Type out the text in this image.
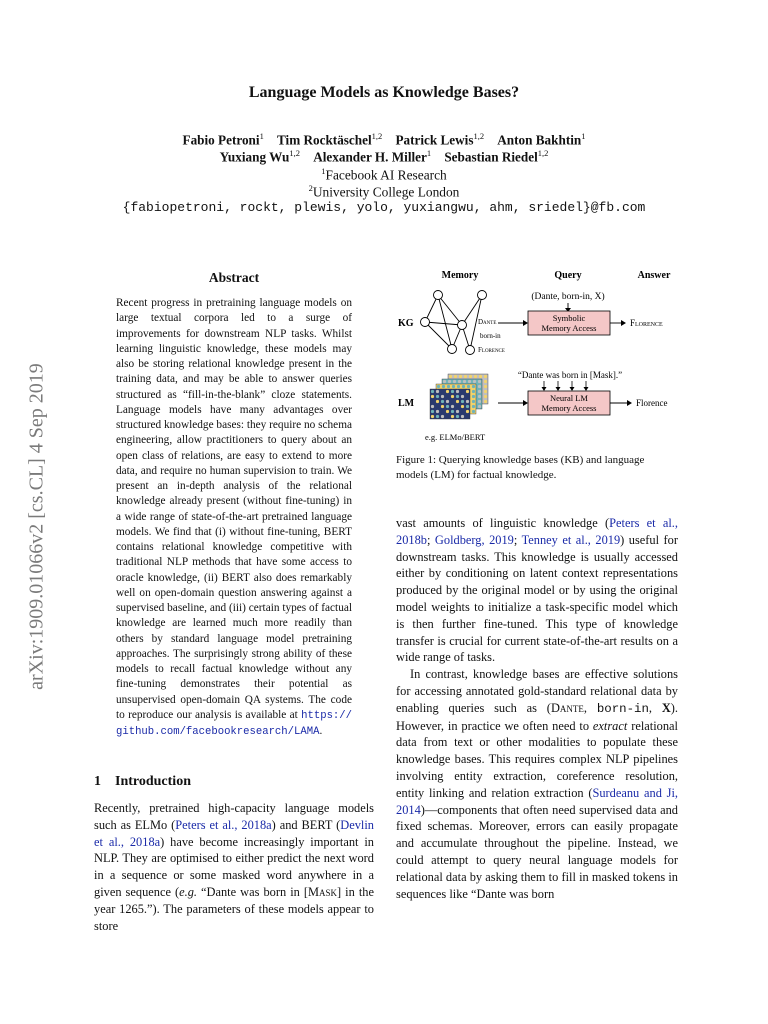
Language Models as Knowledge Bases?
Fabio Petroni$^1$  Tim Rocktäschel$^{1,2}$  Patrick Lewis$^{1,2}$  Anton Bakhtin$^1$
Yuxiang Wu$^{1,2}$  Alexander H. Miller$^1$  Sebastian Riedel$^{1,2}$
$^1$Facebook AI Research
$^2$University College London
{fabiopetroni, rockt, plewis, yolo, yuxiangwu, ahm, sriedel}@fb.com
arXiv:1909.01066v2 [cs.CL] 4 Sep 2019
Abstract

Recent progress in pretraining language models on large textual corpora led to a surge of improvements for downstream NLP tasks. Whilst learning linguistic knowledge, these models may also be storing relational knowledge present in the training data, and may be able to answer queries structured as “fill-in-the-blank” cloze statements. Language models have many advantages over structured knowledge bases: they require no schema engineering, allow practitioners to query about an open class of relations, are easy to extend to more data, and require no human supervision to train. We present an in-depth analysis of the relational knowledge already present (without fine-tuning) in a wide range of state-of-the-art pretrained language models. We find that (i) without fine-tuning, BERT contains relational knowledge competitive with traditional NLP methods that have some access to oracle knowledge, (ii) BERT also does remarkably well on open-domain question answering against a supervised baseline, and (iii) certain types of factual knowledge are learned much more readily than others by standard language model pretraining approaches. The surprisingly strong ability of these models to recall factual knowledge without any fine-tuning demonstrates their potential as unsupervised open-domain QA systems. The code to reproduce our analysis is available at https://github.com/facebookresearch/LAMA.

Memory	Query	Answer
KG
LM
Dante
born-in
Florence
(Dante, born-in, X)
Symbolic
Memory Access	Florence
“Dante was born in [Mask].”
Neural LM
Memory Access	Florence
e.g. ELMo/BERT
Figure 1: Querying knowledge bases (KB) and language models (LM) for factual knowledge.
1 Introduction

Recently, pretrained high-capacity language models such as ELMo (Peters et al., 2018a) and BERT (Devlin et al., 2018a) have become increasingly important in NLP. They are optimised to either predict the next word in a sequence or some masked word anywhere in a given sequence (e.g. “Dante was born in [Mask] in the year 1265.”). The parameters of these models appear to store

vast amounts of linguistic knowledge (Peters et al., 2018b; Goldberg, 2019; Tenney et al., 2019) useful for downstream tasks. This knowledge is usually accessed either by conditioning on latent context representations produced by the original model or by using the original model weights to initialize a task-specific model which is then further fine-tuned. This type of knowledge transfer is crucial for current state-of-the-art results on a wide range of tasks.

In contrast, knowledge bases are effective solutions for accessing annotated gold-standard relational data by enabling queries such as (Dante, born-in, X). However, in practice we often need to extract relational data from text or other modalities to populate these knowledge bases. This requires complex NLP pipelines involving entity extraction, coreference resolution, entity linking and relation extraction (Surdeanu and Ji, 2014)—components that often need supervised data and fixed schemas. Moreover, errors can easily propagate and accumulate throughout the pipeline. Instead, we could attempt to query neural language models for relational data by asking them to fill in masked tokens in sequences like “Dante was born
